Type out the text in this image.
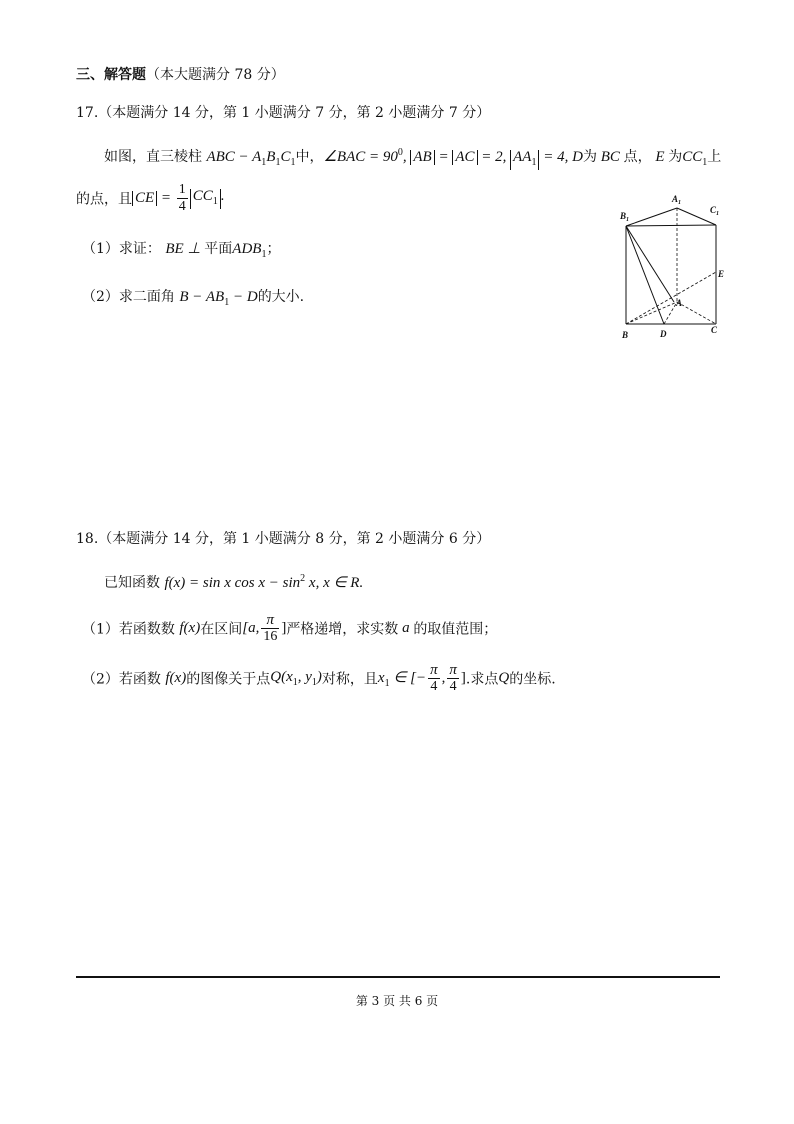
三、解答题（本大题满分 78 分）
17.（本题满分 14 分，第 1 小题满分 7 分，第 2 小题满分 7 分）
如图，直三棱柱 ABC − $A_1B_1C_1$中，∠BAC = $90^0$, AB = AC = 2, $AA_1 = 4$, D为 BC 点， E 为$CC_1$上
的点，且 CE = $\frac{1}{4} CC_1$ .
（1）求证： BE ⊥ 平面$ADB_1$；
（2）求二面角 $B - AB_1 - D$的大小.
$A_1$
$C_1$
$B_1$
E
A
B	D	C
18.（本题满分 14 分，第 1 小题满分 8 分，第 2 小题满分 6 分）
已知函数 f(x) = sin x $\cos x - \sin^2 x$, x ∈ R.
（1）若函数数 f(x)在区间[a, $\frac{\pi}{16}$ ]严格递增，求实数 a 的取值范围；
（2）若函数 f(x)的图像关于点$Q(x_1$, $y_1$)对称，且$x_1$ ∈ [− $\frac{\pi}{4}$ , $\frac{\pi}{4}$ ].求点Q的坐标.
第 3 页 共 6 页
